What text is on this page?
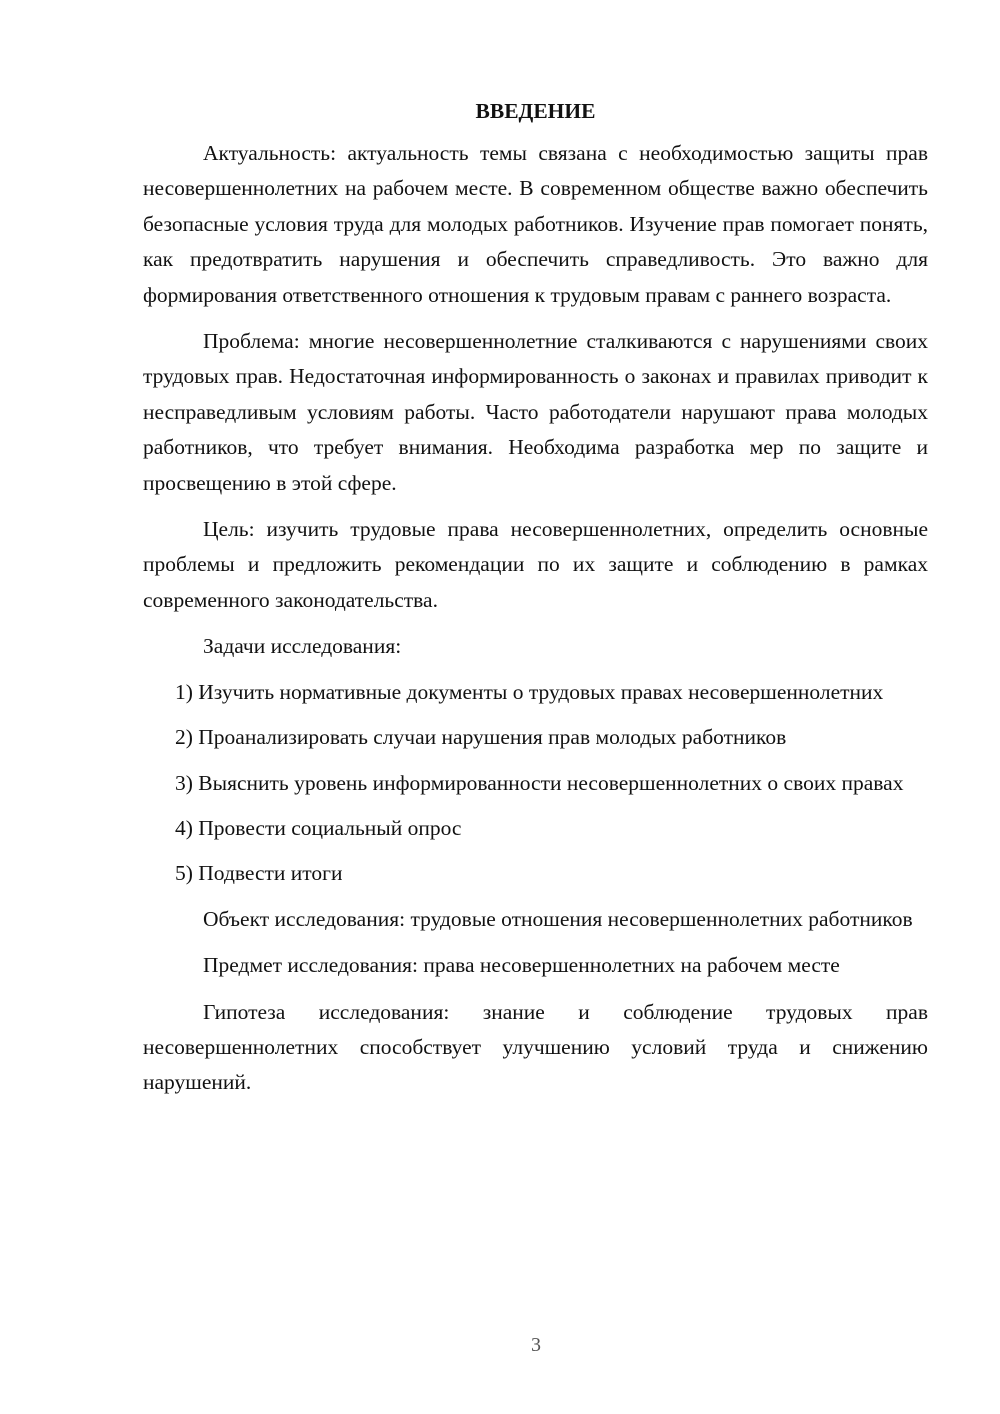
ВВЕДЕНИЕ

Актуальность: актуальность темы связана с необходимостью защиты прав несовершеннолетних на рабочем месте. В современном обществе важно обеспечить безопасные условия труда для молодых работников. Изучение прав помогает понять, как предотвратить нарушения и обеспечить справедливость. Это важно для формирования ответственного отношения к трудовым правам с раннего возраста.

Проблема: многие несовершеннолетние сталкиваются с нарушениями своих трудовых прав. Недостаточная информированность о законах и правилах приводит к несправедливым условиям работы. Часто работодатели нарушают права молодых работников, что требует внимания. Необходима разработка мер по защите и просвещению в этой сфере.

Цель: изучить трудовые права несовершеннолетних, определить основные проблемы и предложить рекомендации по их защите и соблюдению в рамках современного законодательства.

Задачи исследования:

1) Изучить нормативные документы о трудовых правах несовершеннолетних

2) Проанализировать случаи нарушения прав молодых работников

3) Выяснить уровень информированности несовершеннолетних о своих правах

4) Провести социальный опрос

5) Подвести итоги

Объект исследования: трудовые отношения несовершеннолетних работников

Предмет исследования: права несовершеннолетних на рабочем месте

Гипотеза исследования: знание и соблюдение трудовых прав несовершеннолетних способствует улучшению условий труда и снижению нарушений.

3
